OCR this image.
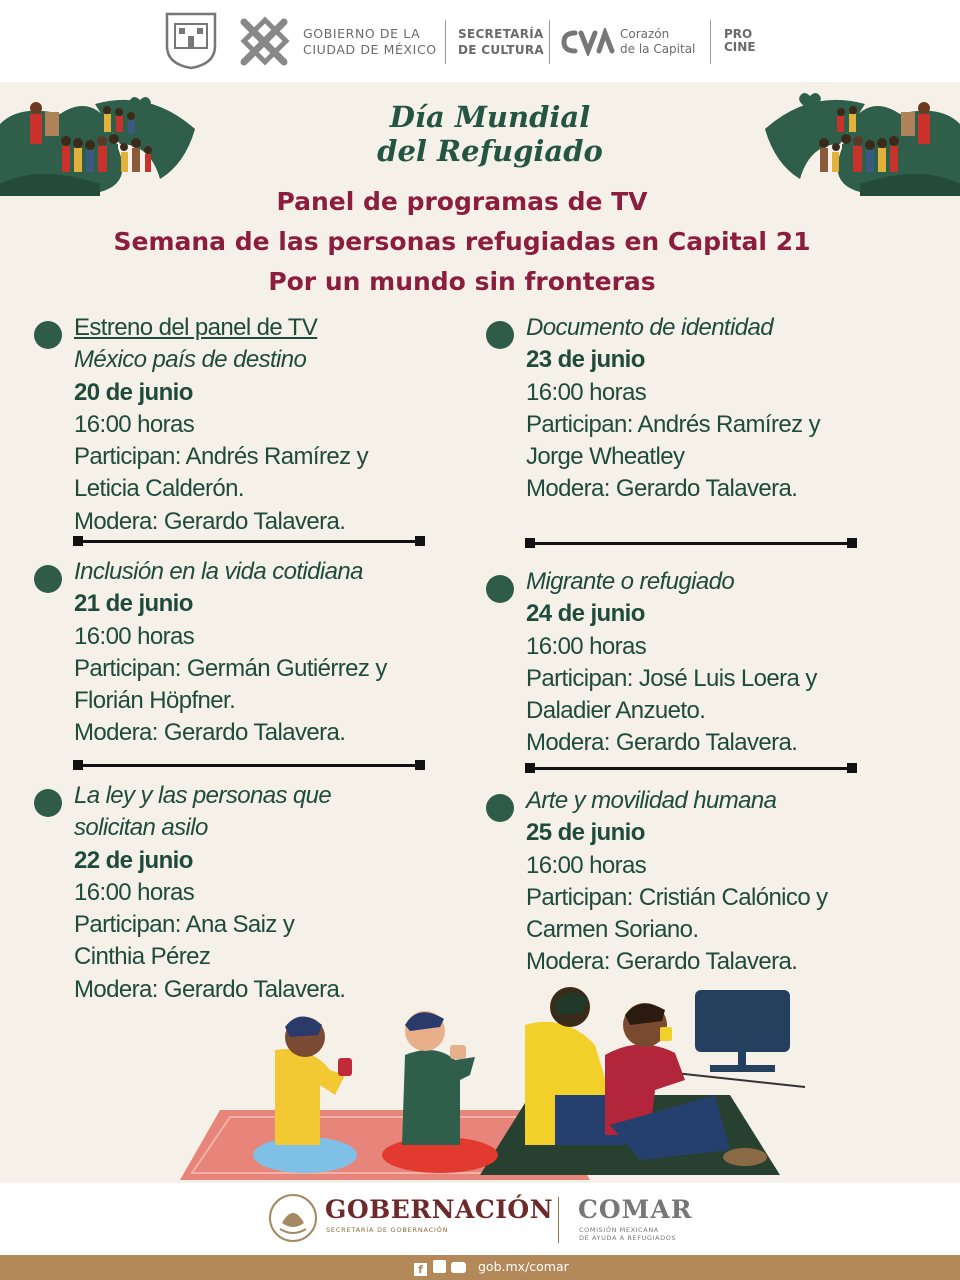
GOBIERNO DE LA
CIUDAD DE MÉXICO
SECRETARÍA
DE CULTURA
Corazón
de la Capital
PRO
CINE
Día Mundial
del Refugiado
Panel de programas de TV
Semana de las personas refugiadas en Capital 21
Por un mundo sin fronteras
Estreno del panel de TV
México país de destino
20 de junio
16:00 horas
Participan: Andrés Ramírez y
Leticia Calderón.
Moderа: Gerardo Talavera.
Inclusión en la vida cotidiana
21 de junio
16:00 horas
Participan: Germán Gutiérrez y
Florián Höpfner.
Modera: Gerardo Talavera.
La ley y las personas que
solicitan asilo
22 de junio
16:00 horas
Participan: Ana Saiz y
Cinthia Pérez
Modera: Gerardo Talavera.
Documento de identidad
23 de junio
16:00 horas
Participan: Andrés Ramírez y
Jorge Wheatley
Modera: Gerardo Talavera.
Migrante o refugiado
24 de junio
16:00 horas
Participan: José Luis Loera y
Daladier Anzueto.
Modera: Gerardo Talavera.
Arte y movilidad humana
25 de junio
16:00 horas
Participan: Cristián Calónico y
Carmen Soriano.
Modera: Gerardo Talavera.
GOBERNACIÓN
SECRETARÍA DE GOBERNACIÓN
COMAR
COMISIÓN MEXICANA
DE AYUDA A REFUGIADOS
f	gob.mx/comar
